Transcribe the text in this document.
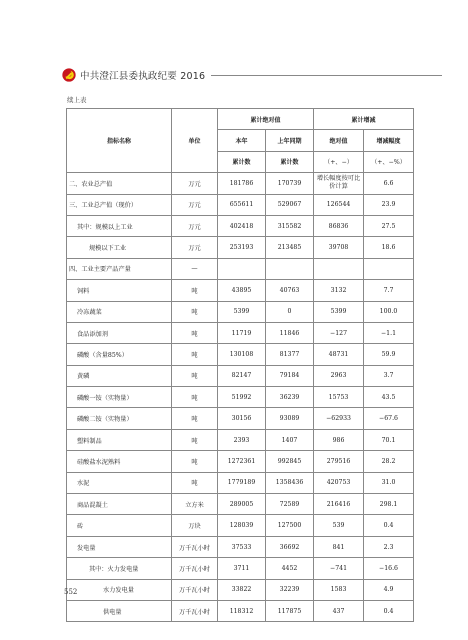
中共澄江县委执政纪要 2016
续上表
指标名称	单位	累计绝对值		累计增减	
		本年	上年同期	绝对值	增减幅度
		累计数	累计数	（+、−）	（+、−%）
二、农业总产值	万元	181786	170739	增长幅度按可比价计算	6.6
三、工业总产值（现价）	万元	655611	529067	126544	23.9
其中：规模以上工业	万元	402418	315582	86836	27.5
规模以下工业	万元	253193	213485	39708	18.6
四、工业主要产品产量	—				
饲料	吨	43895	40763	3132	7.7
冷冻蔬菜	吨	5399	0	5399	100.0
食品添加剂	吨	11719	11846	−127	−1.1
磷酸（含量85%）	吨	130108	81377	48731	59.9
黄磷	吨	82147	79184	2963	3.7
磷酸一铵（实物量）	吨	51992	36239	15753	43.5
磷酸二铵（实物量）	吨	30156	93089	−62933	−67.6
塑料制品	吨	2393	1407	986	70.1
硅酸盐水泥熟料	吨	1272361	992845	279516	28.2
水泥	吨	1779189	1358436	420753	31.0
商品混凝土	立方米	289005	72589	216416	298.1
砖	万块	128039	127500	539	0.4
发电量	万千瓦小时	37533	36692	841	2.3
其中：火力发电量	万千瓦小时	3711	4452	−741	−16.6
水力发电量	万千瓦小时	33822	32239	1583	4.9
供电量	万千瓦小时	118312	117875	437	0.4
552
